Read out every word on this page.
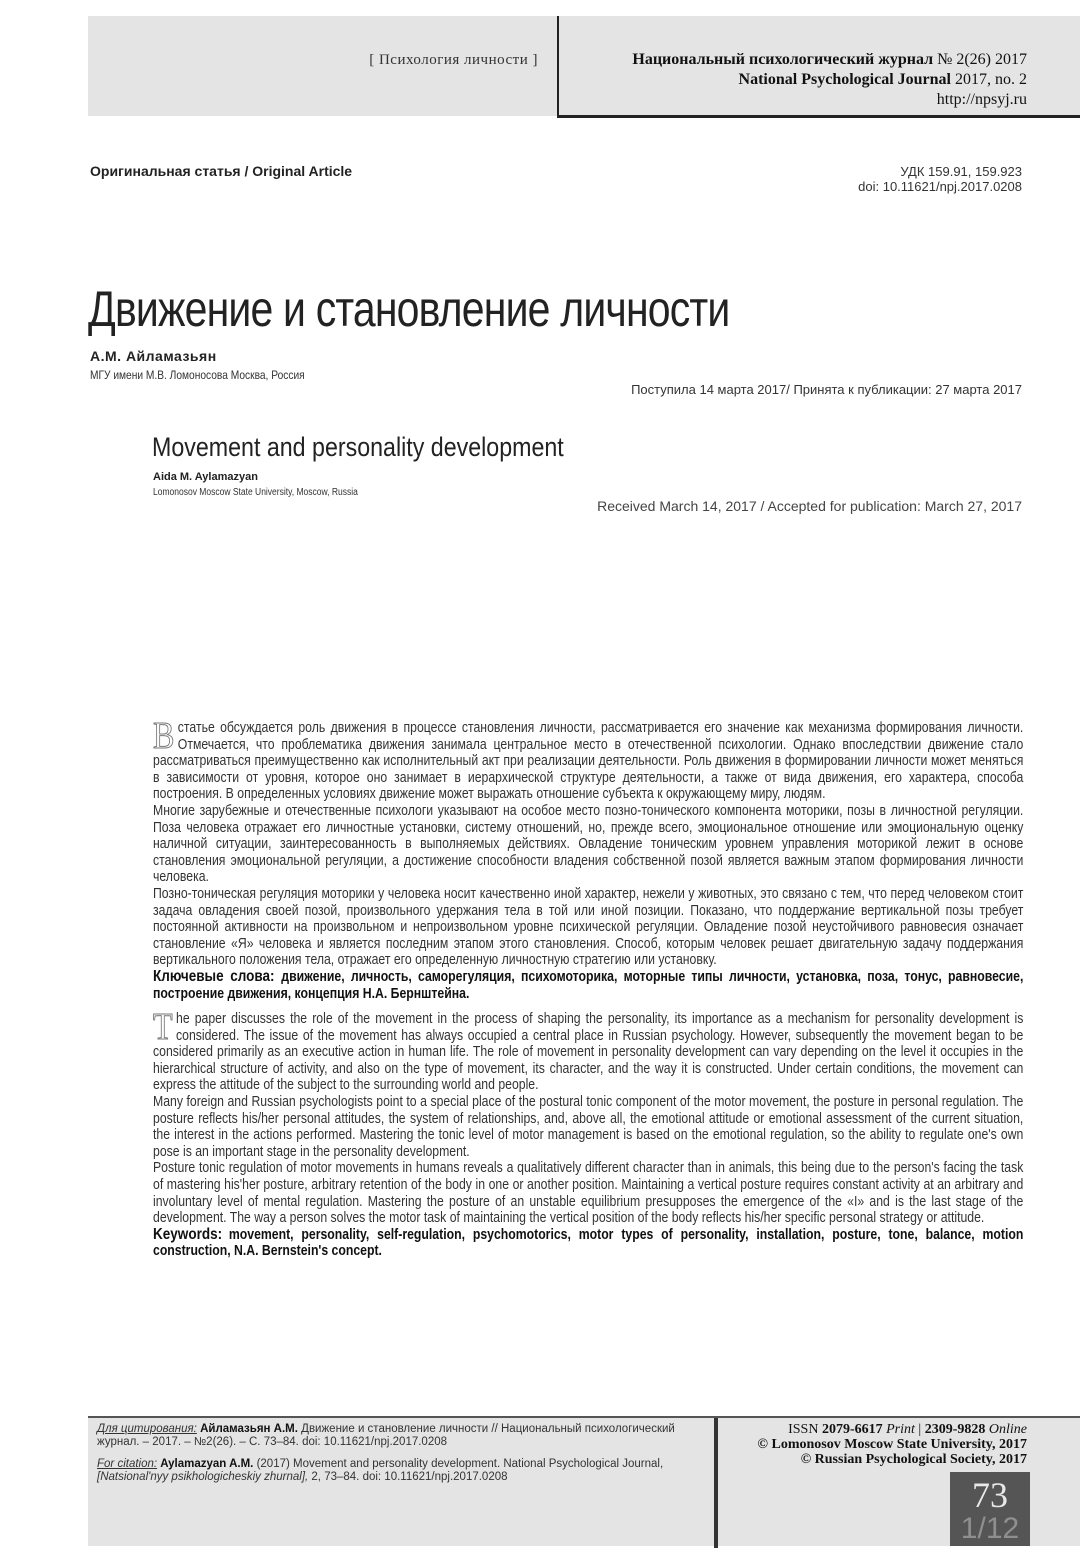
[ Психология личности ]	Национальный психологический журнал № 2(26) 2017
National Psychological Journal 2017, no. 2
http://npsyj.ru
Оригинальная статья / Original Article	УДК 159.91, 159.923
doi: 10.11621/npj.2017.0208
Движение и становление личности
А.М. Айламазьян
МГУ имени М.В. Ломоносова Москва, Россия
Поступила 14 марта 2017/ Принята к публикации: 27 марта 2017
Movement and personality development
Aida M. Aylamazyan
Lomonosov Moscow State University, Moscow, Russia
Received March 14, 2017 / Accepted for publication: March 27, 2017

В статье обсуждается роль движения в процессе становления личности, рассматривается его значение как механизма формирования личности. Отмечается, что проблематика движения занимала центральное место в отечественной психологии. Однако впоследствии движение стало рассматриваться преимущественно как исполнительный акт при реализации деятельности. Роль движения в формировании личности может меняться в зависимости от уровня, которое оно занимает в иерархической структуре деятельности, а также от вида движения, его характера, способа построения. В определенных условиях движение может выражать отношение субъекта к окружающему миру, людям.

Многие зарубежные и отечественные психологи указывают на особое место позно-тонического компонента моторики, позы в личностной регуляции. Поза человека отражает его личностные установки, систему отношений, но, прежде всего, эмоциональное отношение или эмоциональную оценку наличной ситуации, заинтересованность в выполняемых действиях. Овладение тоническим уровнем управления моторикой лежит в основе становления эмоциональной регуляции, а достижение способности владения собственной позой является важным этапом формирования личности человека.

Позно-тоническая регуляция моторики у человека носит качественно иной характер, нежели у животных, это связано с тем, что перед человеком стоит задача овладения своей позой, произвольного удержания тела в той или иной позиции. Показано, что поддержание вертикальной позы требует постоянной активности на произвольном и непроизвольном уровне психической регуляции. Овладение позой неустойчивого равновесия означает становление «Я» человека и является последним этапом этого становления. Способ, которым человек решает двигательную задачу поддержания вертикального положения тела, отражает его определенную личностную стратегию или установку.

Ключевые слова: движение, личность, саморегуляция, психомоторика, моторные типы личности, установка, поза, тонус, равновесие, построение движения, концепция Н.А. Бернштейна.

The paper discusses the role of the movement in the process of shaping the personality, its importance as a mechanism for personality development is considered. The issue of the movement has always occupied a central place in Russian psychology. However, subsequently the movement began to be considered primarily as an executive action in human life. The role of movement in personality development can vary depending on the level it occupies in the hierarchical structure of activity, and also on the type of movement, its character, and the way it is constructed. Under certain conditions, the movement can express the attitude of the subject to the surrounding world and people.

Many foreign and Russian psychologists point to a special place of the postural tonic component of the motor movement, the posture in personal regulation. The posture reflects his/her personal attitudes, the system of relationships, and, above all, the emotional attitude or emotional assessment of the current situation, the interest in the actions performed. Mastering the tonic level of motor management is based on the emotional regulation, so the ability to regulate one's own pose is an important stage in the personality development.

Posture tonic regulation of motor movements in humans reveals a qualitatively different character than in animals, this being due to the person's facing the task of mastering his'her posture, arbitrary retention of the body in one or another position. Maintaining a vertical posture requires constant activity at an arbitrary and involuntary level of mental regulation. Mastering the posture of an unstable equilibrium presupposes the emergence of the «I» and is the last stage of the development. The way a person solves the motor task of maintaining the vertical position of the body reflects his/her specific personal strategy or attitude.

Keywords: movement, personality, self-regulation, psychomotorics, motor types of personality, installation, posture, tone, balance, motion construction, N.A. Bernstein's concept.

Для цитирования: Айламазьян А.М. Движение и становление личности // Национальный психологический журнал. – 2017. – №2(26). – С. 73–84. doi: 10.11621/npj.2017.0208
For citation: Aylamazyan A.M. (2017) Movement and personality development. National Psychological Journal, [Natsional'nyy psikhologicheskiy zhurnal], 2, 73–84. doi: 10.11621/npj.2017.0208
ISSN 2079-6617 Print | 2309-9828 Online
© Lomonosov Moscow State University, 2017
© Russian Psychological Society, 2017
73
1/12
